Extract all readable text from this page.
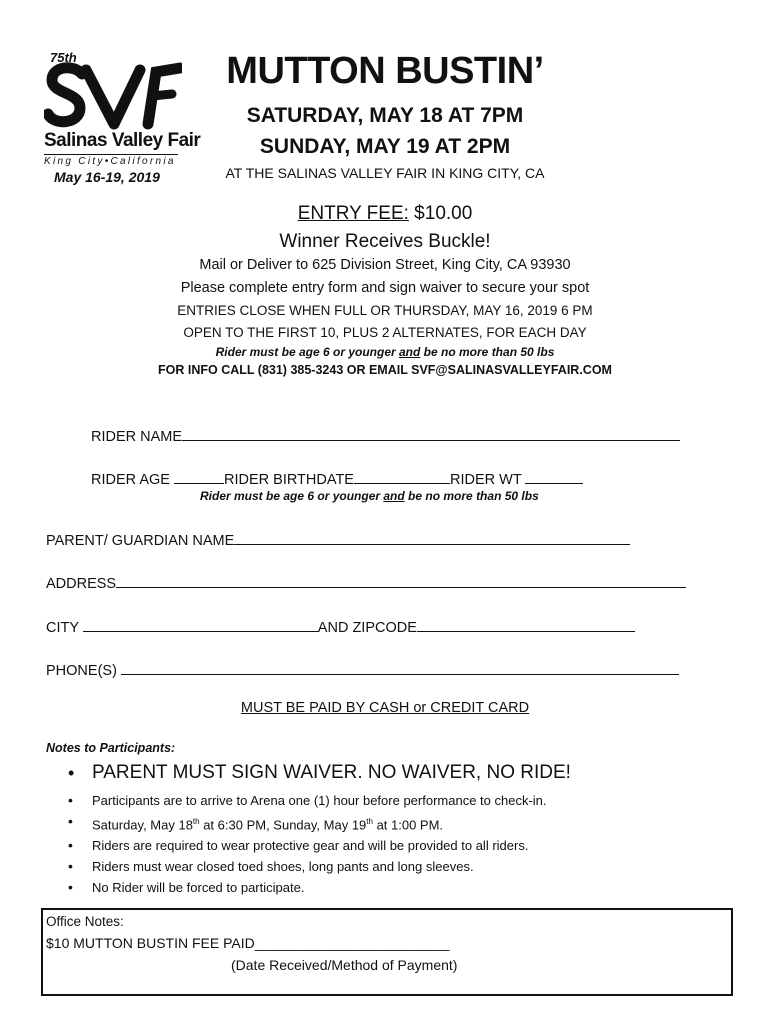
75th
Salinas Valley Fair
King City•California
May 16-19, 2019
MUTTON BUSTIN’
SATURDAY, MAY 18 AT 7PM
SUNDAY, MAY 19 AT 2PM
AT THE SALINAS VALLEY FAIR IN KING CITY, CA
ENTRY FEE: $10.00
Winner Receives Buckle!
Mail or Deliver to 625 Division Street, King City, CA 93930
Please complete entry form and sign waiver to secure your spot
ENTRIES CLOSE WHEN FULL OR THURSDAY, MAY 16, 2019 6 PM
OPEN TO THE FIRST 10, PLUS 2 ALTERNATES, FOR EACH DAY
Rider must be age 6 or younger and be no more than 50 lbs
FOR INFO CALL (831) 385-3243 OR EMAIL SVF@SALINASVALLEYFAIR.COM
RIDER NAME
RIDER AGE	RIDER BIRTHDATE	RIDER WT
Rider must be age 6 or younger and be no more than 50 lbs
PARENT/ GUARDIAN NAME
ADDRESS
CITY	AND ZIPCODE
PHONE(S)
MUST BE PAID BY CASH or CREDIT CARD
Notes to Participants:
• PARENT MUST SIGN WAIVER. NO WAIVER, NO RIDE!
• Participants are to arrive to Arena one (1) hour before performance to check-in.
• Saturday, May 18th at 6:30 PM, Sunday, May 19th at 1:00 PM.
• Riders are required to wear protective gear and will be provided to all riders.
• Riders must wear closed toed shoes, long pants and long sleeves.
• No Rider will be forced to participate.
Office Notes:
$10 MUTTON BUSTIN FEE PAID_________________________
(Date Received/Method of Payment)
